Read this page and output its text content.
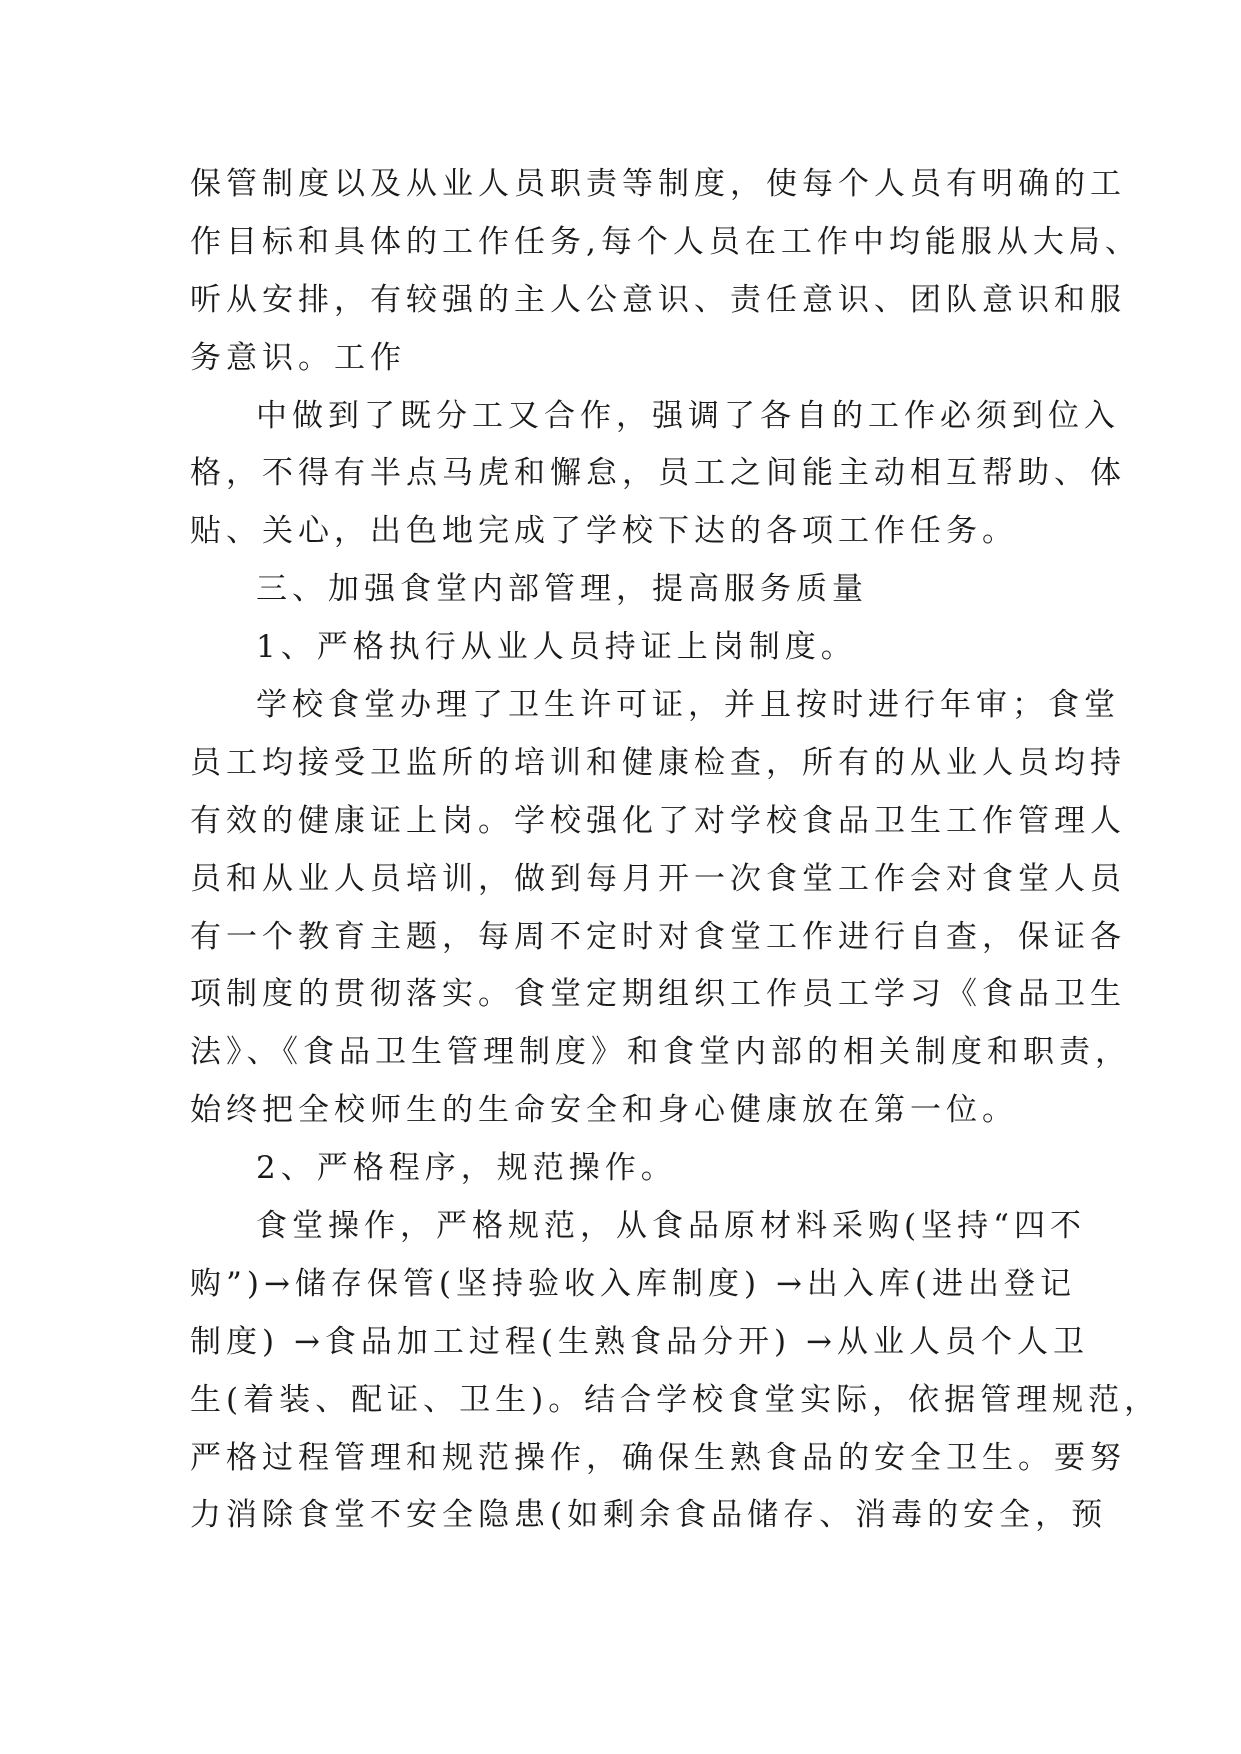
保管制度以及从业人员职责等制度，使每个人员有明确的工
作目标和具体的工作任务,每个人员在工作中均能服从大局、
听从安排，有较强的主人公意识、责任意识、团队意识和服
务意识。工作
中做到了既分工又合作，强调了各自的工作必须到位入
格，不得有半点马虎和懈怠，员工之间能主动相互帮助、体
贴、关心，出色地完成了学校下达的各项工作任务。
三、加强食堂内部管理，提高服务质量
1、严格执行从业人员持证上岗制度。
学校食堂办理了卫生许可证，并且按时进行年审；食堂
员工均接受卫监所的培训和健康检查，所有的从业人员均持
有效的健康证上岗。学校强化了对学校食品卫生工作管理人
员和从业人员培训，做到每月开一次食堂工作会对食堂人员
有一个教育主题，每周不定时对食堂工作进行自查，保证各
项制度的贯彻落实。食堂定期组织工作员工学习《食品卫生
法》、《食品卫生管理制度》和食堂内部的相关制度和职责，
始终把全校师生的生命安全和身心健康放在第一位。
2、严格程序，规范操作。
食堂操作，严格规范，从食品原材料采购(坚持“四不
购”)→储存保管(坚持验收入库制度) →出入库(进出登记
制度) →食品加工过程(生熟食品分开) →从业人员个人卫
生(着装、配证、卫生)。结合学校食堂实际，依据管理规范，
严格过程管理和规范操作，确保生熟食品的安全卫生。要努
力消除食堂不安全隐患(如剩余食品储存、消毒的安全，预
